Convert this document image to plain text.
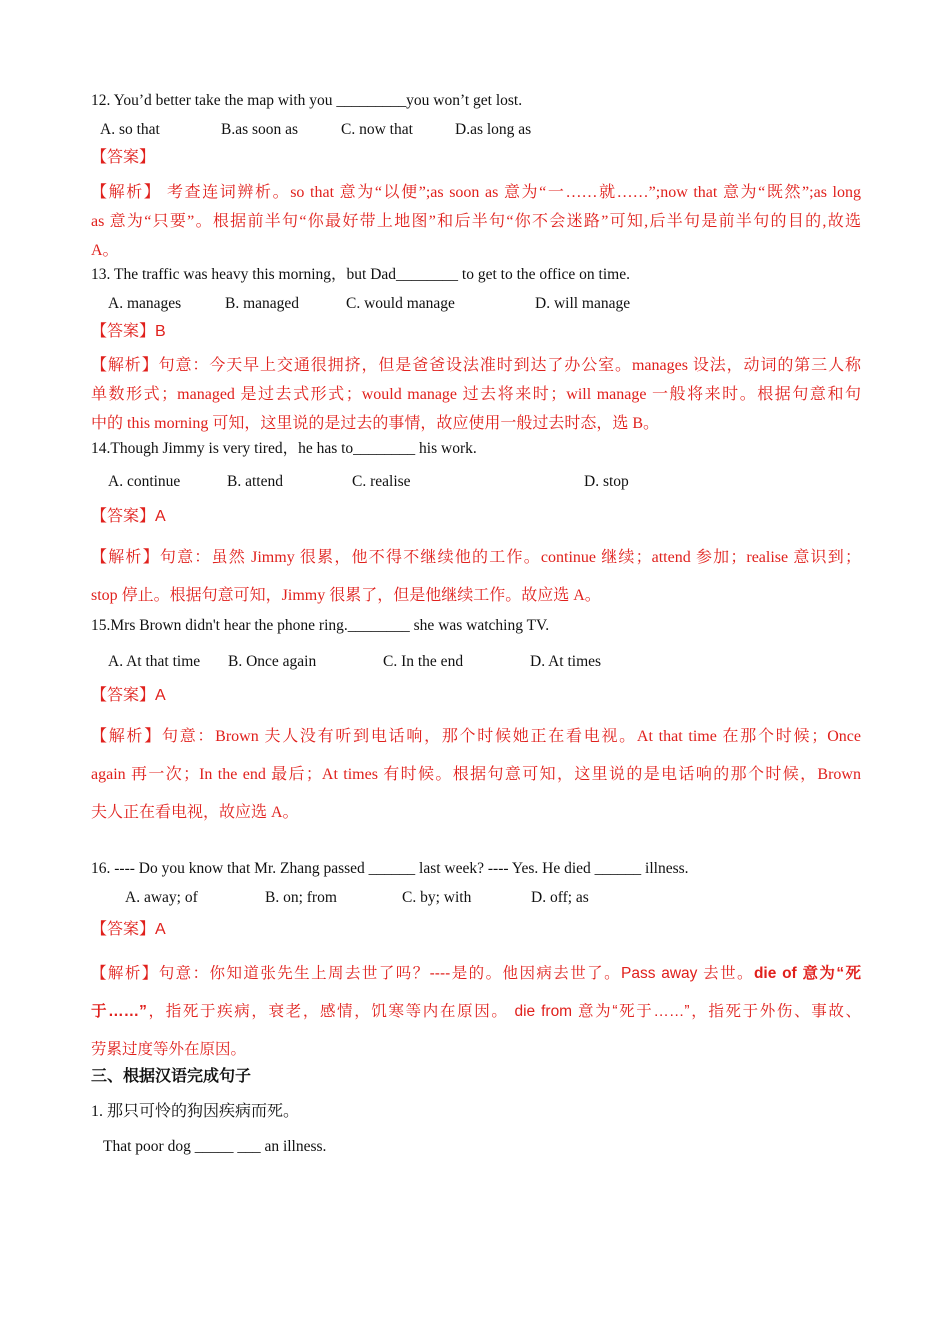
12. You’d better take the map with you _________you won’t get lost.
A. so that	B.as soon as	C. now that	D.as long as
【答案】
【解析】 考查连词辨析。so that 意为“以便”;as soon as 意为“一……就……”;now that 意为“既然”;as long
as 意为“只要”。根据前半句“你最好带上地图”和后半句“你不会迷路”可知,后半句是前半句的目的,故选
A。
13. The traffic was heavy this morning，but Dad________ to get to the office on time.
A. manages	B. managed	C. would manage	D. will manage
【答案】B
【解析】句意：今天早上交通很拥挤，但是爸爸设法准时到达了办公室。manages 设法，动词的第三人称
单数形式；managed 是过去式形式；would manage 过去将来时；will manage 一般将来时。根据句意和句
中的 this morning 可知，这里说的是过去的事情，故应使用一般过去时态，选 B。
14.Though Jimmy is very tired，he has to________ his work.
A. continue	B. attend	C. realise	D. stop
【答案】A
【解析】句意：虽然 Jimmy 很累，他不得不继续他的工作。continue 继续；attend 参加；realise 意识到；
stop 停止。根据句意可知，Jimmy 很累了，但是他继续工作。故应选 A。
15.Mrs Brown didn't hear the phone ring.________ she was watching TV.
A. At that time B. Once again	C. In the end	D. At times
【答案】A
【解析】句意：Brown 夫人没有听到电话响，那个时候她正在看电视。At that time 在那个时候；Once
again 再一次；In the end 最后；At times 有时候。根据句意可知，这里说的是电话响的那个时候，Brown
夫人正在看电视，故应选 A。
16. ---- Do you know that Mr. Zhang passed ______ last week? ---- Yes. He died ______ illness.
A. away; of	B. on; from	C. by; with	D. off; as
【答案】A
【解析】句意：你知道张先生上周去世了吗？----是的。他因病去世了。Pass away 去世。die of 意为“死
于……”，指死于疾病，衰老，感情，饥寒等内在原因。 die from 意为“死于……”，指死于外伤、事故、
劳累过度等外在原因。
三、根据汉语完成句子
1. 那只可怜的狗因疾病而死。
That poor dog _____ ___ an illness.
